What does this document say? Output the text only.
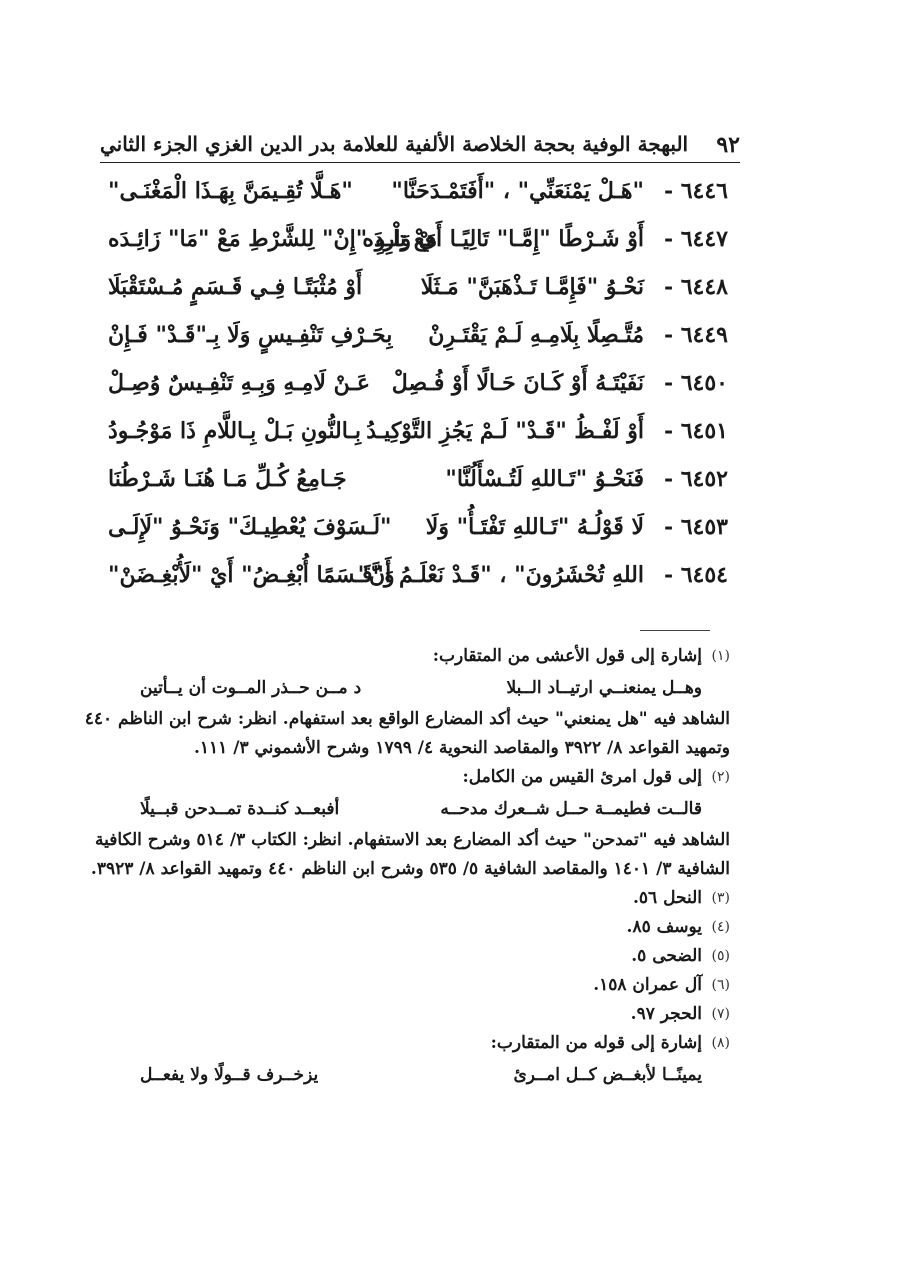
٩٢
البهجة الوفية بحجة الخلاصة الألفية للعلامة بدر الدين الغزي الجزء الثاني
٦٤٤٦ -
"هَـلْ يَمْنَعَنِّي" ، "أَفَتَمْـدَحَنَّا"
"هَـلَّا تُقِـيمَنَّ بِهَـذَا الْمَغْنَـى"
٦٤٤٧ -
أَوْ شَـرْطًا "إِمَّـا" تَالِيًـا أَيْ وَارِدَه
مَعْ تِلْـوِ "إِنْ" لِلشَّرْطِ مَعْ "مَا" زَائِـدَه
٦٤٤٨ -
نَحْـوُ "فَإِمَّـا تَـذْهَبَنَّ" مَـثَلَا
أَوْ مُثْبَتًـا فِـي قَـسَمٍ مُـسْتَقْبَلَا
٦٤٤٩ -
مُتَّـصِلًا بِلَامِـهِ لَـمْ يَقْتَـرِنْ
بِحَـرْفِ تَنْفِـيسٍ وَلَا بِـ"قَـدْ" فَـإِنْ
٦٤٥٠ -
نَفَيْتَـهُ أَوْ كَـانَ حَـالًا أَوْ فُـصِلْ
عَـنْ لَامِـهِ وَبِـهِ تَنْفِـيسٌ وُصِـلْ
٦٤٥١ -
أَوْ لَفْـظُ "قَـدْ" لَـمْ يَجُزِ التَّوْكِيـدُ
بِـالنُّونِ بَـلْ بِـاللَّامِ ذَا مَوْجُـودُ
٦٤٥٢ -
فَنَحْـوُ "تَـاللهِ لَتُـسْأَلُنَّا"
جَـامِعُ كُـلِّ مَـا هُنَـا شَـرْطُنَا
٦٤٥٣ -
لَا قَوْلُـهُ "تَـاللهِ تَفْتَـأُ" وَلَا
"لَـسَوْفَ يُعْطِيـكَ" وَنَحْـوُ "لَإِلَـى
٦٤٥٤ -
اللهِ تُحْشَرُونَ" ، "قَـدْ نَعْلَـمُ أَنَّ"
وَ"قَـسَمًا أُبْغِـضُ" أَيْ "لَأُبْغِـضَنْ"
(١)
إشارة إلى قول الأعشى من المتقارب:
وهــل يمنعنــي ارتيــاد الــبلا
د مــن حــذر المــوت أن يــأتين
الشاهد فيه "هل يمنعني" حيث أكد المضارع الواقع بعد استفهام. انظر: شرح ابن الناظم ٤٤٠
وتمهيد القواعد ٨/ ٣٩٢٢ والمقاصد النحوية ٤/ ١٧٩٩ وشرح الأشموني ٣/ ١١١.
(٢)
إلى قول امرئ القيس من الكامل:
قالــت فطيمــة حــل شــعرك مدحــه
أفبعــد كنــدة تمــدحن قبــيلًا
الشاهد فيه "تمدحن" حيث أكد المضارع بعد الاستفهام. انظر: الكتاب ٣/ ٥١٤ وشرح الكافية
الشافية ٣/ ١٤٠١ والمقاصد الشافية ٥/ ٥٣٥ وشرح ابن الناظم ٤٤٠ وتمهيد القواعد ٨/ ٣٩٢٣.
(٣)
النحل ٥٦.
(٤)
يوسف ٨٥.
(٥)
الضحى ٥.
(٦)
آل عمران ١٥٨.
(٧)
الحجر ٩٧.
(٨)
إشارة إلى قوله من المتقارب:
يمينًــا لأبغــض كــل امــرئ
يزخــرف قــولًا ولا يفعــل
